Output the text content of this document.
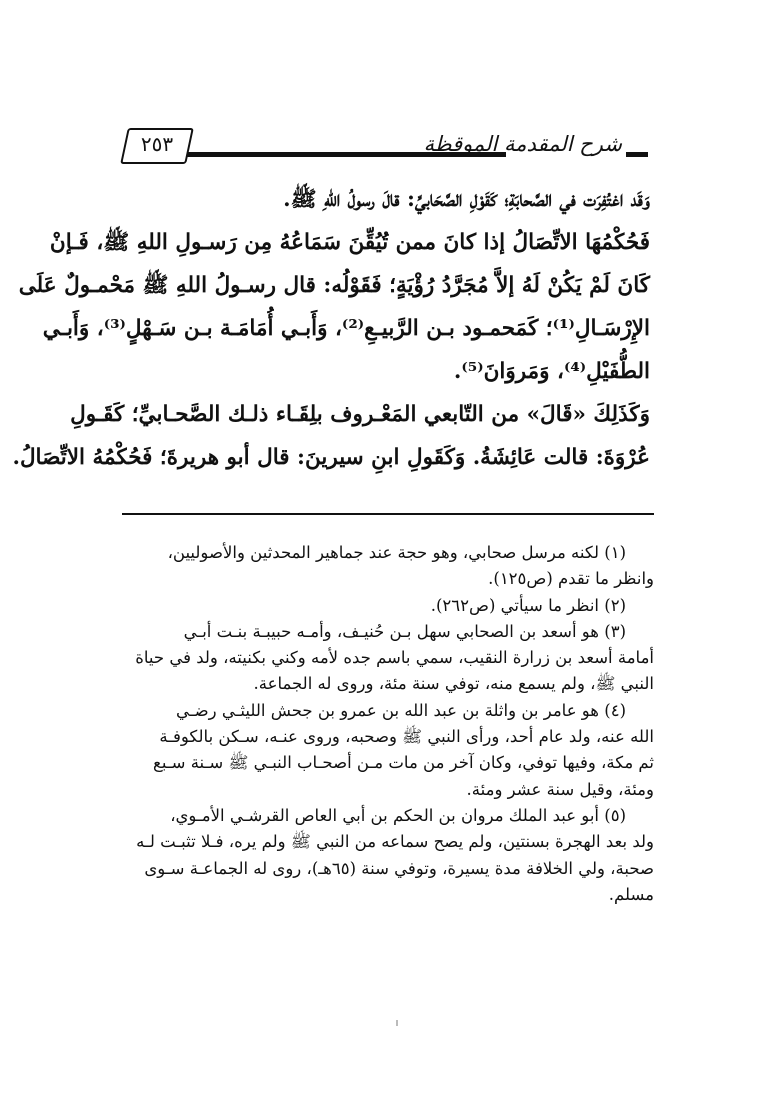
٢٥٣	شرح المقدمة الموقظة
وَقَد اغتُفِرَت في الصَّحابَةِ؛ كَقَوْلِ الصَّحَابيِّ: قالَ رسولُ اللهِ ﷺ.
فَحُكْمُهَا الاتِّصَالُ إذا كانَ ممن تُيُقِّنَ سَمَاعُهُ مِن رَسـولِ اللهِ ﷺ، فَـإنْ
كَانَ لَمْ يَكُنْ لَهُ إلاَّ مُجَرَّدُ رُؤْيَةٍ؛ فَقَوْلُه: قال رسـولُ اللهِ ﷺ مَحْمـولٌ عَلَى
الإِرْسَـالِ⁽¹⁾؛ كَمَحمـود بـن الرَّبيـعِ⁽²⁾، وَأَبـي أُمَامَـة بـن سَـهْلٍ⁽³⁾، وَأَبـي
الطُّفَيْلِ⁽⁴⁾، وَمَروَانَ⁽⁵⁾.
وَكَذَلِكَ «قَالَ» من التّابعي المَعْـروف بلِقَـاء ذلـك الصَّحـابيِّ؛ كَقَـولِ
عُرْوَةَ: قالت عَائِشَةُ. وَكَقَولِ ابنِ سيرينَ: قال أبو هريرةَ؛ فَحُكْمُهُ الاتِّصَالُ.
(١) لكنه مرسل صحابي، وهو حجة عند جماهير المحدثين والأصوليين،
وانظر ما تقدم (ص١٢٥).
(٢) انظر ما سيأتي (ص٢٦٢).
(٣) هو أسعد بن الصحابي سهل بـن حُنيـف، وأمـه حبيبـة بنـت أبـي
أمامة أسعد بن زرارة النقيب، سمي باسم جده لأمه وكني بكنيته، ولد في حياة
النبي ﷺ، ولم يسمع منه، توفي سنة مئة، وروى له الجماعة.
(٤) هو عامر بن واثلة بن عبد الله بن عمرو بن جحش الليثـي رضـي
الله عنه، ولد عام أحد، ورأى النبي ﷺ وصحبه، وروى عنـه، سـكن بالكوفـة
ثم مكة، وفيها توفي، وكان آخر من مات مـن أصحـاب النبـي ﷺ سـنة سـبع
ومئة، وقيل سنة عشر ومئة.
(٥) أبو عبد الملك مروان بن الحكم بن أبي العاص القرشـي الأمـوي،
ولد بعد الهجرة بسنتين، ولم يصح سماعه من النبي ﷺ ولم يره، فـلا تثبـت لـه
صحبة، ولي الخلافة مدة يسيرة، وتوفي سنة (٦٥هـ)، روى له الجماعـة سـوى
مسلم.
